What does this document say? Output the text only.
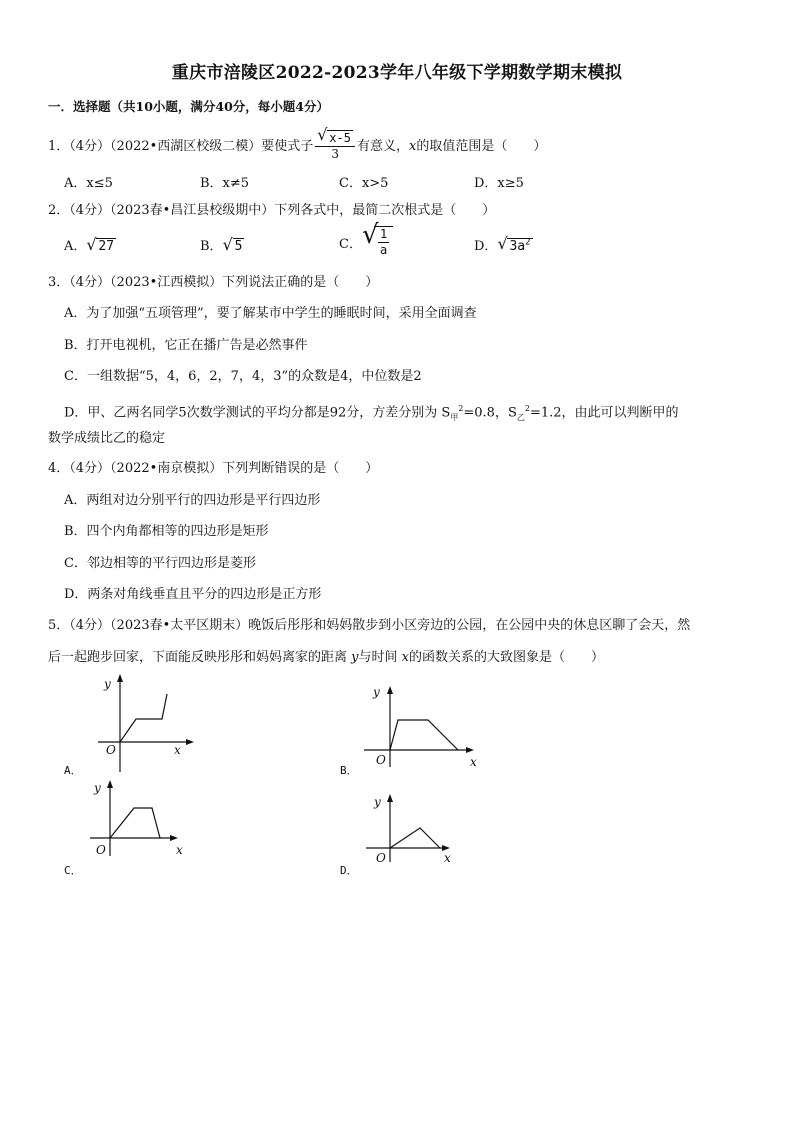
重庆市涪陵区2022-2023学年八年级下学期数学期末模拟
一．选择题（共10小题，满分40分，每小题4分）
1．（4分）（2022•西湖区校级二模）要使式子 $\frac{√ x-5}{3}$ 有意义，x的取值范围是（　　）
A．x≤5	B．x≠5	C．x>5	D．x≥5
2．（4分）（2023春•昌江县校级期中）下列各式中，最简二次根式是（　　）
A． √ 27	B． √ 5	C． √ $\frac{1}{a}$	D． √ $3a^2$
3．（4分）（2023•江西模拟）下列说法正确的是（　　）
A．为了加强“五项管理”，要了解某市中学生的睡眠时间，采用全面调查
B．打开电视机，它正在播广告是必然事件
C．一组数据“5，4，6，2，7，4，3”的众数是4，中位数是2
D．甲、乙两名同学5次数学测试的平均分都是92分，方差分别为 $S_甲^2=0.8$，$S_乙^2=1.2$，由此可以判断甲的
数学成绩比乙的稳定
4．（4分）（2022•南京模拟）下列判断错误的是（　　）
A．两组对边分别平行的四边形是平行四边形
B．四个内角都相等的四边形是矩形
C．邻边相等的平行四边形是菱形
D．两条对角线垂直且平分的四边形是正方形
5．（4分）（2023春•太平区期末）晚饭后彤彤和妈妈散步到小区旁边的公园，在公园中央的休息区聊了会天，然
后一起跑步回家，下面能反映彤彤和妈妈离家的距离 y与时间 x的函数关系的大致图象是（　　）
y
x
O
A．
y
x
O
B．
y
x
O
C．
y
x
O
D．
